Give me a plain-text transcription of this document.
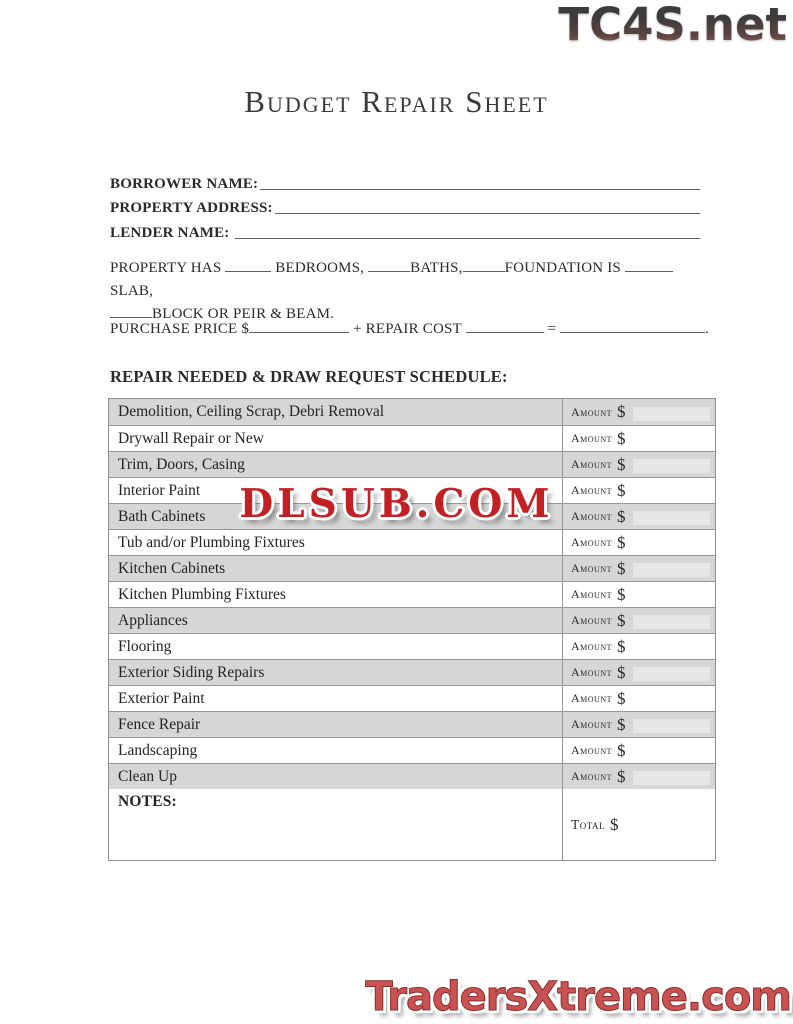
TC4S.net
Budget Repair Sheet
BORROWER NAME:
PROPERTY ADDRESS:
LENDER NAME:
PROPERTY HAS	BEDROOMS,	BATHS,	FOUNDATION IS SLAB,
BLOCK OR PEIR & BEAM.
PURCHASE PRICE $	+ REPAIR COST	=	.
REPAIR NEEDED & DRAW REQUEST SCHEDULE:
Demolition, Ceiling Scrap, Debri Removal	Amount $
Drywall Repair or New	Amount $
Trim, Doors, Casing	Amount $
Interior Paint	Amount $
Bath Cabinets	Amount $
Tub and/or Plumbing Fixtures	Amount $
Kitchen Cabinets	Amount $
Kitchen Plumbing Fixtures	Amount $
Appliances	Amount $
Flooring	Amount $
Exterior Siding Repairs	Amount $
Exterior Paint	Amount $
Fence Repair	Amount $
Landscaping	Amount $
Clean Up	Amount $
NOTES:
Total $
DLSUB.COM
TradersXtreme.com
